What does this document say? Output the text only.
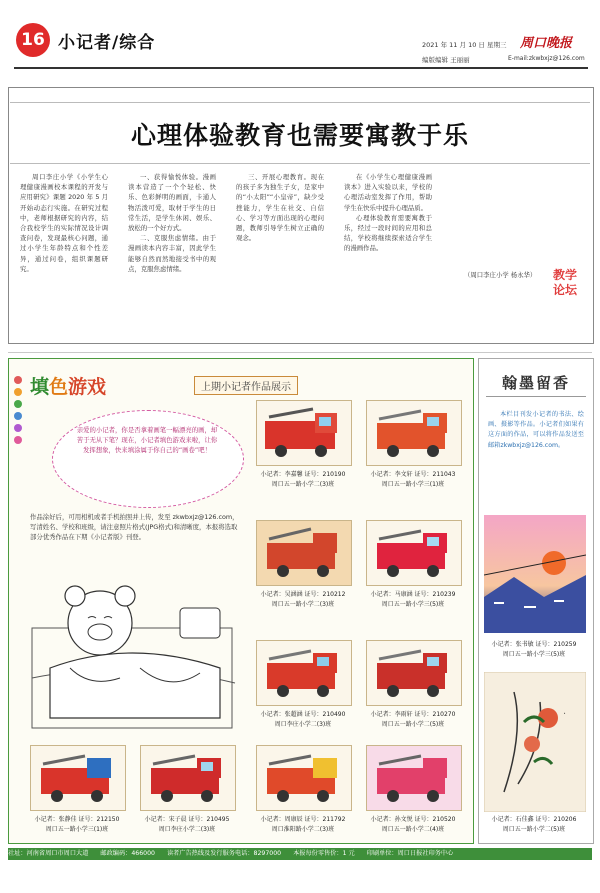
16 小记者/综合	2021 年 11 月 10 日 星期三
编版编辑 王丽丽
周口晚报
E-mail:zkwbxjz@126.com
心理体验教育也需要寓教于乐

周口李庄小学《小学生心理健康漫画校本课程的开发与应用研究》课题 2020 年 5 月开始动态行实施。在研究过程中，老师根据研究的内容，结合我校学生的实际情况设计调查问卷，发现最核心问题，通过小学生年龄特点和个性差异，通过问卷，组织课题研究。

一、获得愉悦体验。漫画读本营造了一个个轻松、快乐、色彩鲜明的画面，卡通人物活泼可爱，取材于学生的日常生活，是学生休闲、娱乐、放松的一个好方式。

二、克服焦虑情绪。由于漫画读本内容丰富，因此学生能够自然而然地接受书中的观点，克服焦虑情绪。

三、开展心理教育。现在的孩子多为独生子女，是家中的“小太阳”“小皇帝”，缺少受挫能力，学生在社交、自信心、学习等方面出现的心理问题，教师引导学生树立正确的观念。

在《小学生心理健康漫画读本》进入实验以来，学校的心理活动室发挥了作用，帮助学生在快乐中提升心理品质。

心理体验教育需要寓教于乐，经过一段时间的应用和总结，学校将继续探索适合学生的漫画作品。

（周口李庄小学 杨永华）	教学论坛
填色游戏	上期小记者作品展示
亲爱的小记者，你是否拿着画笔一幅漂亮的画，却苦于无从下笔？现在，小记者填色游戏来啦，让你发挥想象，快来填涂属于你自己的“画卷”吧！
作品涂好后，可用相机或者手机拍照并上传，发至 zkwbxjz@126.com，写清姓名、学校和班级，请注意照片格式(JPG格式)和清晰度，本报将选取部分优秀作品在下期《小记者版》刊登。
小记者：李嘉馨 证号：210190
周口五一路小学二(3)班
小记者：李文轩 证号：211043
周口五一路小学三(1)班
小记者：吴涵涵 证号：210212
周口五一路小学二(3)班
小记者：马康涵 证号：210239
周口五一路小学三(5)班
小记者：张超涵 证号：210490
周口李庄小学二(3)班
小记者：李雨轩 证号：210270
周口五一路小学二(5)班
小记者：张静佳 证号：212150
周口五一路小学三(1)班
小记者：宋子晨 证号：210495
周口李庄小学二(3)班
小记者：周康辰 证号：211792
周口淮阳路小学二(3)班
小记者：孙文悦 证号：210520
周口五一路小学二(4)班
翰墨留香

本栏目刊发小记者的书法、绘画、摄影等作品。小记者们如果有这方面的作品，可以将作品发送至邮箱zkwbxjz@126.com。

小记者：张书敏 证号：210259
周口五一路小学三(5)班
·
小记者：石佳鑫 证号：210206
周口五一路小学二(5)班
社址：河南省周口市周口大道 邮政编码：466000 读者广告热线及发行服务电话：8297000 本报每份零售价：1 元 印刷单位：周口日报社印务中心
